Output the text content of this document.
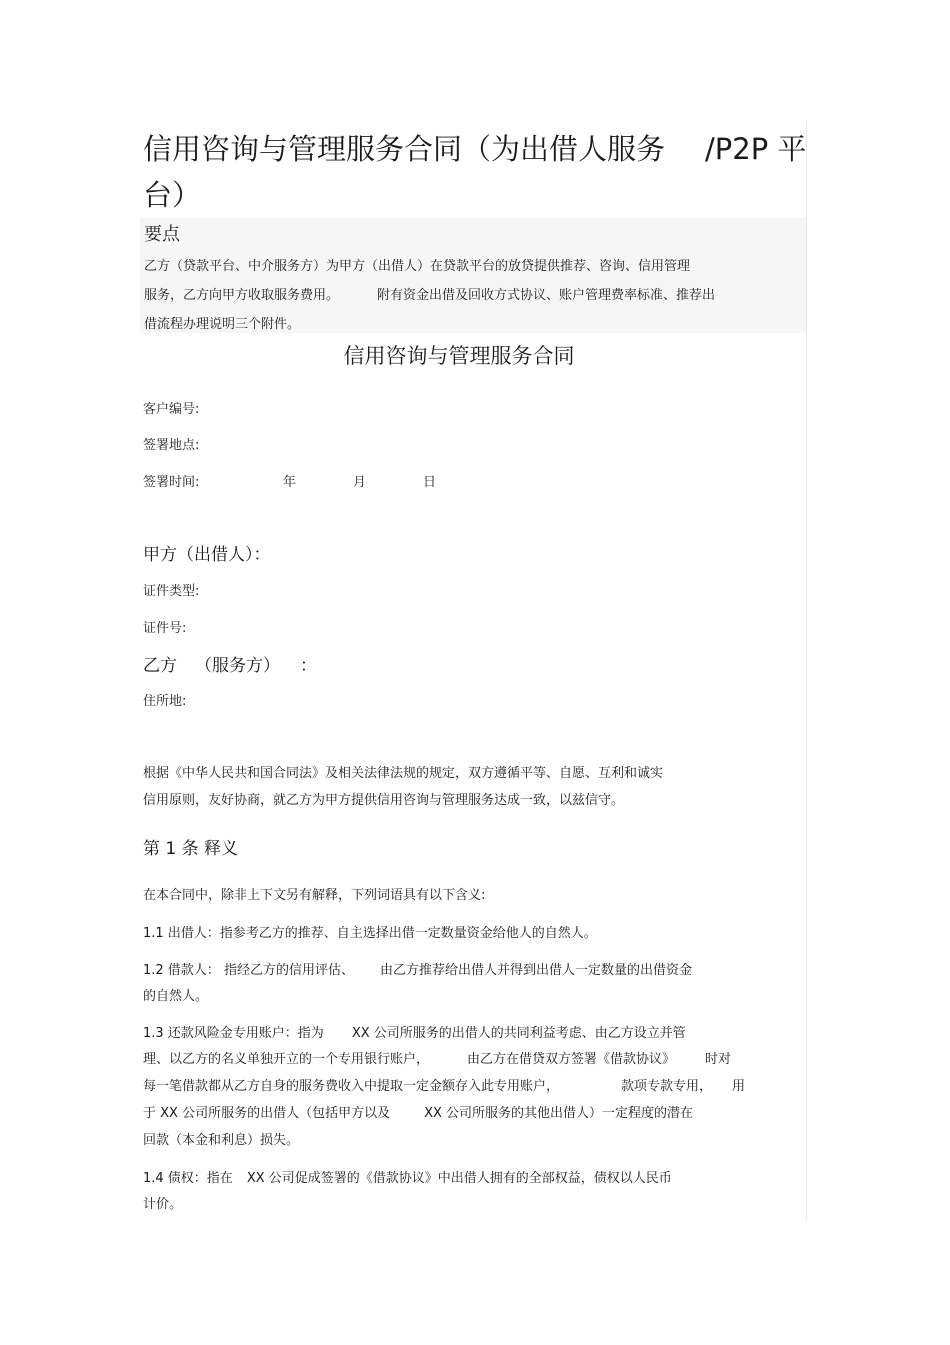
信用咨询与管理服务合同（为出借人服务 /P2P 平
台）
要点
乙方（贷款平台、中介服务方）为甲方（出借人）在贷款平台的放贷提供推荐、咨询、信用管理
服务，乙方向甲方收取服务费用。	附有资金出借及回收方式协议、账户管理费率标准、推荐出
借流程办理说明三个附件。
信用咨询与管理服务合同
客户编号:
签署地点:
签署时间:	年	月	日
甲方（出借人）：
证件类型:
证件号:
乙方 （服务方） ：
住所地:
根据《中华人民共和国合同法》及相关法律法规的规定，双方遵循平等、自愿、互利和诚实
信用原则，友好协商，就乙方为甲方提供信用咨询与管理服务达成一致，以兹信守。
第 1 条 释义
在本合同中，除非上下文另有解释，下列词语具有以下含义:
1.1 出借人：指参考乙方的推荐、自主选择出借一定数量资金给他人的自然人。
1.2 借款人： 指经乙方的信用评估、 由乙方推荐给出借人并得到出借人一定数量的出借资金
的自然人。
1.3 还款风险金专用账户：指为 XX 公司所服务的出借人的共同利益考虑、由乙方设立并管
理、以乙方的名义单独开立的一个专用银行账户，	由乙方在借贷双方签署《借款协议》 时对
每一笔借款都从乙方自身的服务费收入中提取一定金额存入此专用账户，	款项专款专用， 用
于 XX 公司所服务的出借人（包括甲方以及	XX 公司所服务的其他出借人）一定程度的潜在
回款（本金和利息）损失。
1.4 债权：指在 XX 公司促成签署的《借款协议》中出借人拥有的全部权益，债权以人民币
计价。
